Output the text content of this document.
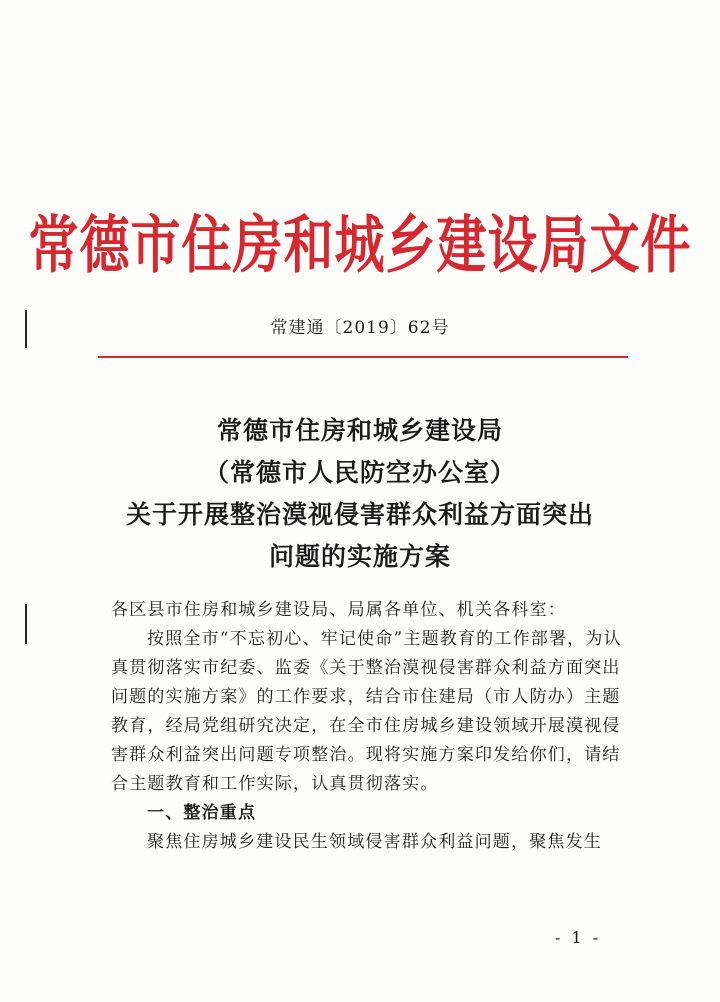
常德市住房和城乡建设局文件
常建通〔2019〕62号
常德市住房和城乡建设局
（常德市人民防空办公室）
关于开展整治漠视侵害群众利益方面突出
问题的实施方案

各区县市住房和城乡建设局、局属各单位、机关各科室：

按照全市“不忘初心、牢记使命”主题教育的工作部署，为认真贯彻落实市纪委、监委《关于整治漠视侵害群众利益方面突出问题的实施方案》的工作要求，结合市住建局（市人防办）主题教育，经局党组研究决定，在全市住房城乡建设领域开展漠视侵害群众利益突出问题专项整治。现将实施方案印发给你们，请结合主题教育和工作实际，认真贯彻落实。

一、整治重点

聚焦住房城乡建设民生领域侵害群众利益问题，聚焦发生

- 1 -
